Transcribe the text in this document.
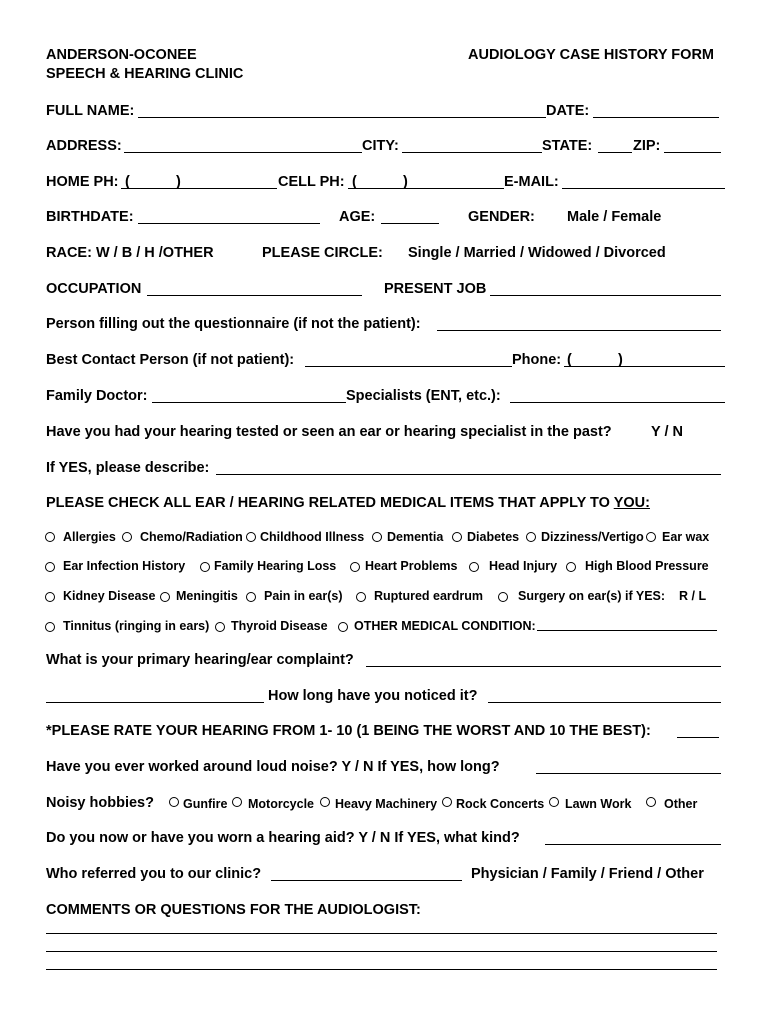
ANDERSON-OCONEE
SPEECH & HEARING CLINIC
AUDIOLOGY CASE HISTORY FORM
FULL NAME:	DATE:
ADDRESS:	CITY:	STATE:	ZIP:
HOME PH: (	)	CELL PH: (	)	E-MAIL:
BIRTHDATE:	AGE:	GENDER: Male / Female
RACE: W / B / H /OTHER	PLEASE CIRCLE: Single / Married / Widowed / Divorced
OCCUPATION	PRESENT JOB
Person filling out the questionnaire (if not the patient):
Best Contact Person (if not patient):	Phone: (	)
Family Doctor:	Specialists (ENT, etc.):
Have you had your hearing tested or seen an ear or hearing specialist in the past?	Y / N
If YES, please describe:
PLEASE CHECK ALL EAR / HEARING RELATED MEDICAL ITEMS THAT APPLY TO YOU:
Allergies Chemo/Radiation Childhood Illness Dementia Diabetes Dizziness/Vertigo Ear wax
Ear Infection History Family Hearing Loss Heart Problems	Head Injury High Blood Pressure
Kidney Disease Meningitis Pain in ear(s)	Ruptured eardrum	Surgery on ear(s) if YES: R / L
Tinnitus (ringing in ears) Thyroid Disease OTHER MEDICAL CONDITION:
What is your primary hearing/ear complaint?
How long have you noticed it?
*PLEASE RATE YOUR HEARING FROM 1- 10 (1 BEING THE WORST AND 10 THE BEST):
Have you ever worked around loud noise? Y / N If YES, how long?
Noisy hobbies? Gunfire Motorcycle Heavy Machinery Rock Concerts Lawn Work	Other
Do you now or have you worn a hearing aid? Y / N If YES, what kind?
Who referred you to our clinic?	Physician / Family / Friend / Other
COMMENTS OR QUESTIONS FOR THE AUDIOLOGIST:
